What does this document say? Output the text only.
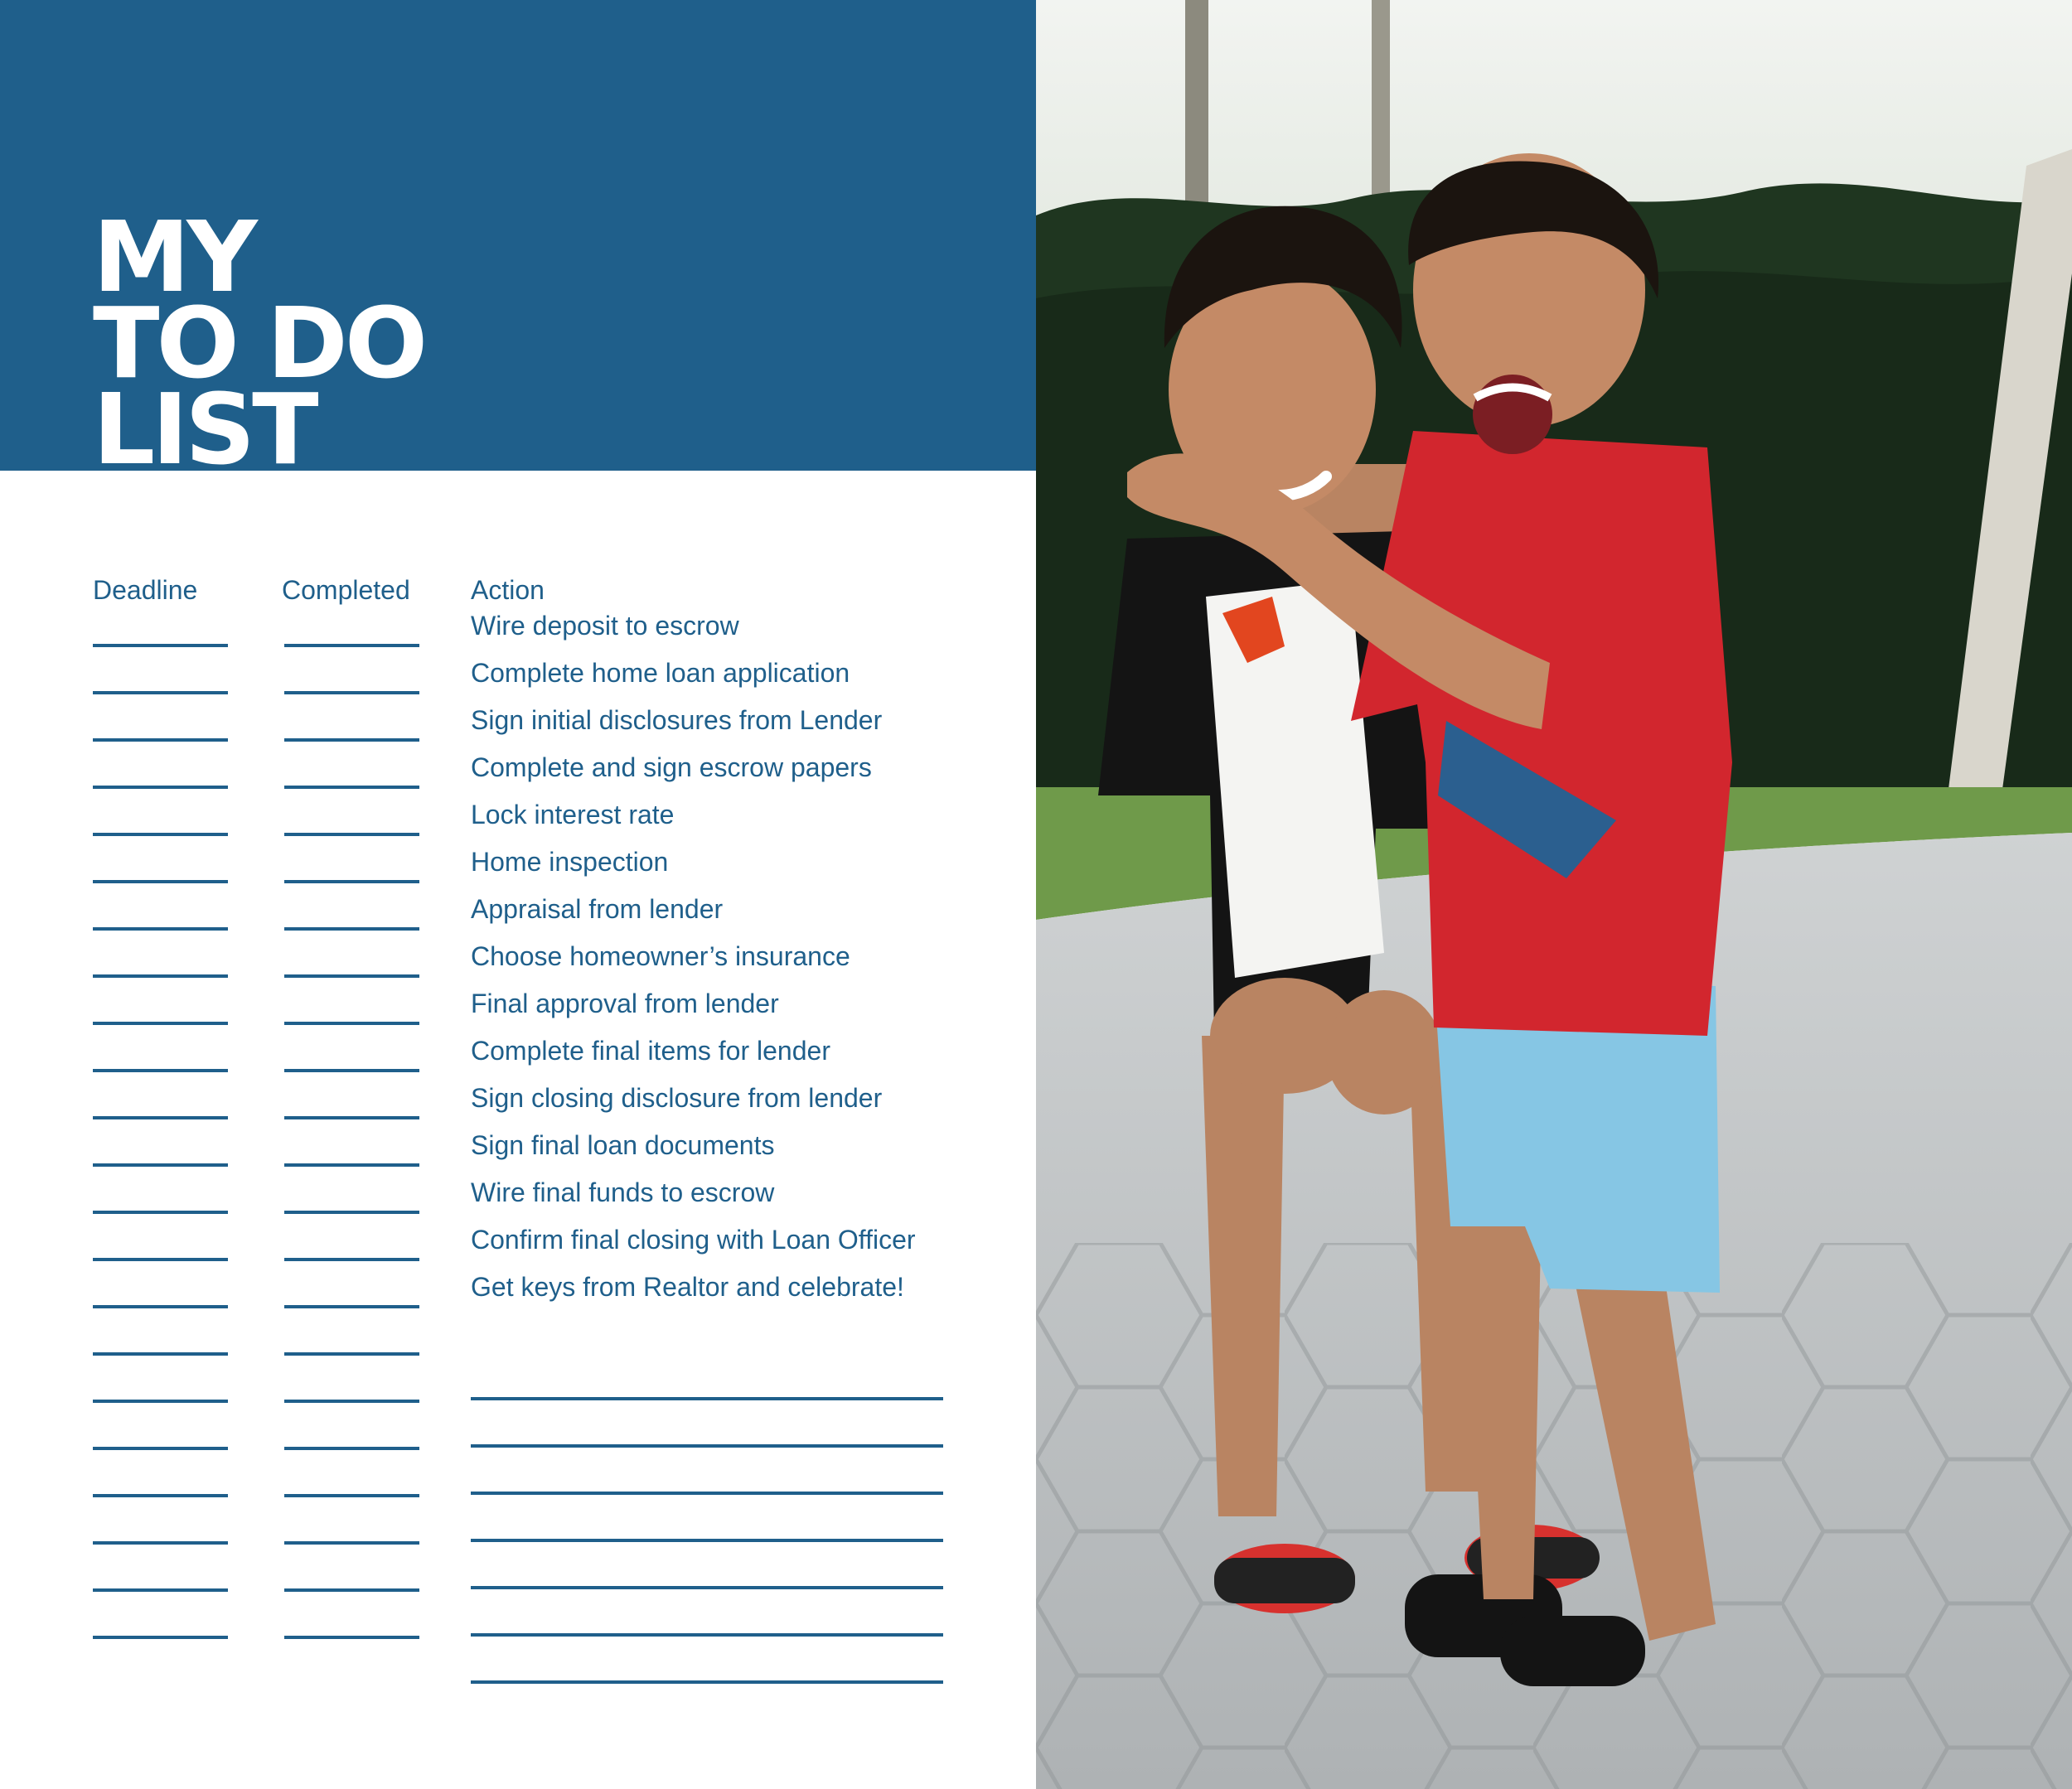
MY
TO DO
LIST
Deadline	Completed Action
Wire deposit to escrow
Complete home loan application
Sign initial disclosures from Lender
Complete and sign escrow papers
Lock interest rate
Home inspection
Appraisal from lender
Choose homeowner’s insurance
Final approval from lender
Complete final items for lender
Sign closing disclosure from lender
Sign final loan documents
Wire final funds to escrow
Confirm final closing with Loan Officer
Get keys from Realtor and celebrate!
